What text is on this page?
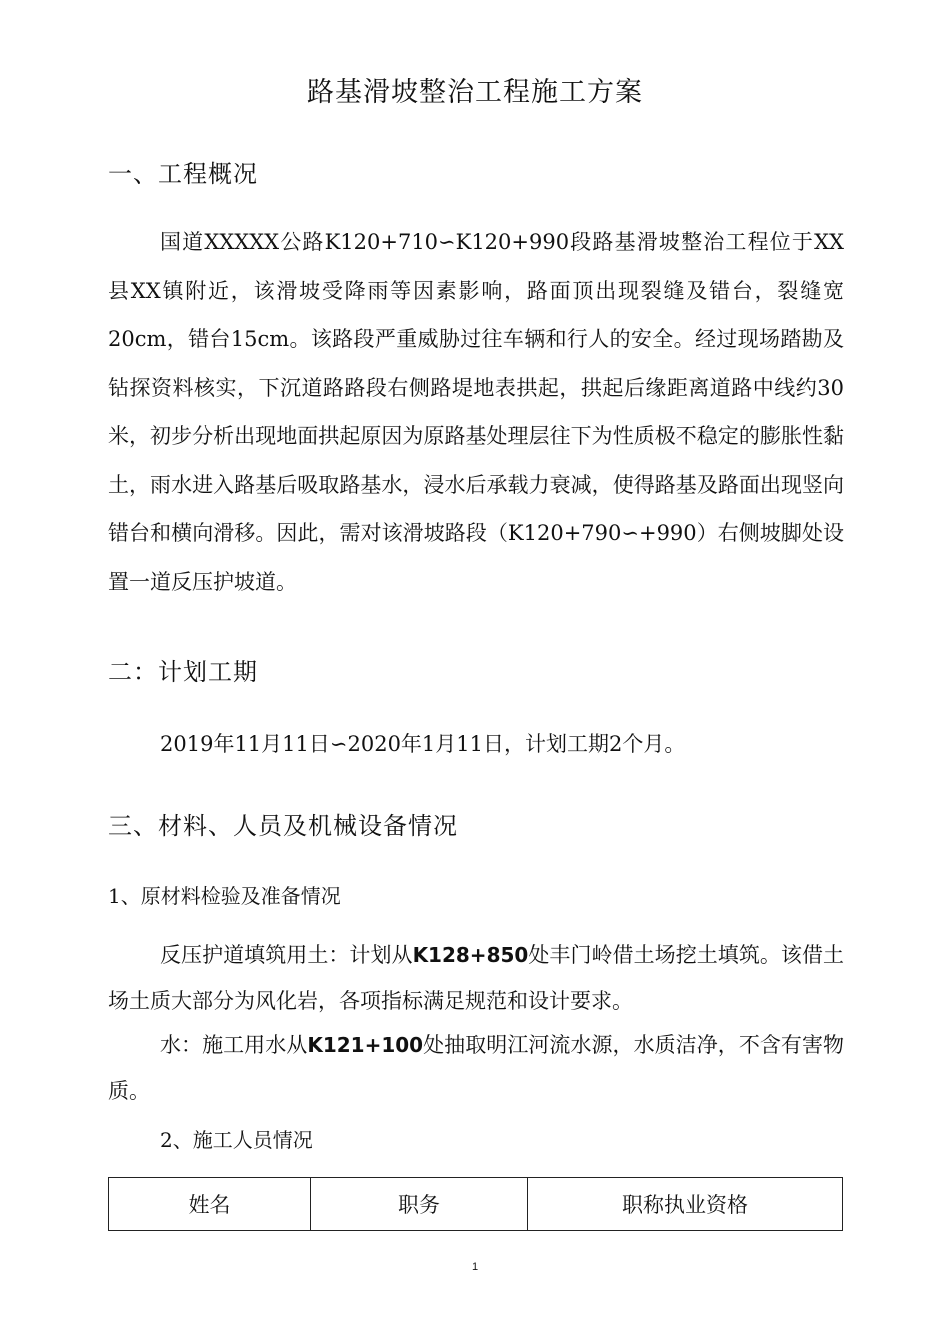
路基滑坡整治工程施工方案
一、工程概况

国道XXXXX公路K120+710∽K120+990段路基滑坡整治工程位于XX县XX镇附近，该滑坡受降雨等因素影响，路面顶出现裂缝及错台，裂缝宽20cm，错台15cm。该路段严重威胁过往车辆和行人的安全。经过现场踏勘及钻探资料核实，下沉道路路段右侧路堤地表拱起，拱起后缘距离道路中线约30米，初步分析出现地面拱起原因为原路基处理层往下为性质极不稳定的膨胀性黏土，雨水进入路基后吸取路基水，浸水后承载力衰减，使得路基及路面出现竖向错台和横向滑移。因此，需对该滑坡路段（K120+790∽+990）右侧坡脚处设置一道反压护坡道。

二：计划工期
2019年11月11日∽2020年1月11日，计划工期2个月。
三、材料、人员及机械设备情况
1、原材料检验及准备情况

反压护道填筑用土：计划从K128+850处丰门岭借土场挖土填筑。该借土场土质大部分为风化岩，各项指标满足规范和设计要求。

水：施工用水从K121+100处抽取明江河流水源，水质洁净，不含有害物质。

2、施工人员情况
姓名	职务	职称执业资格
1
